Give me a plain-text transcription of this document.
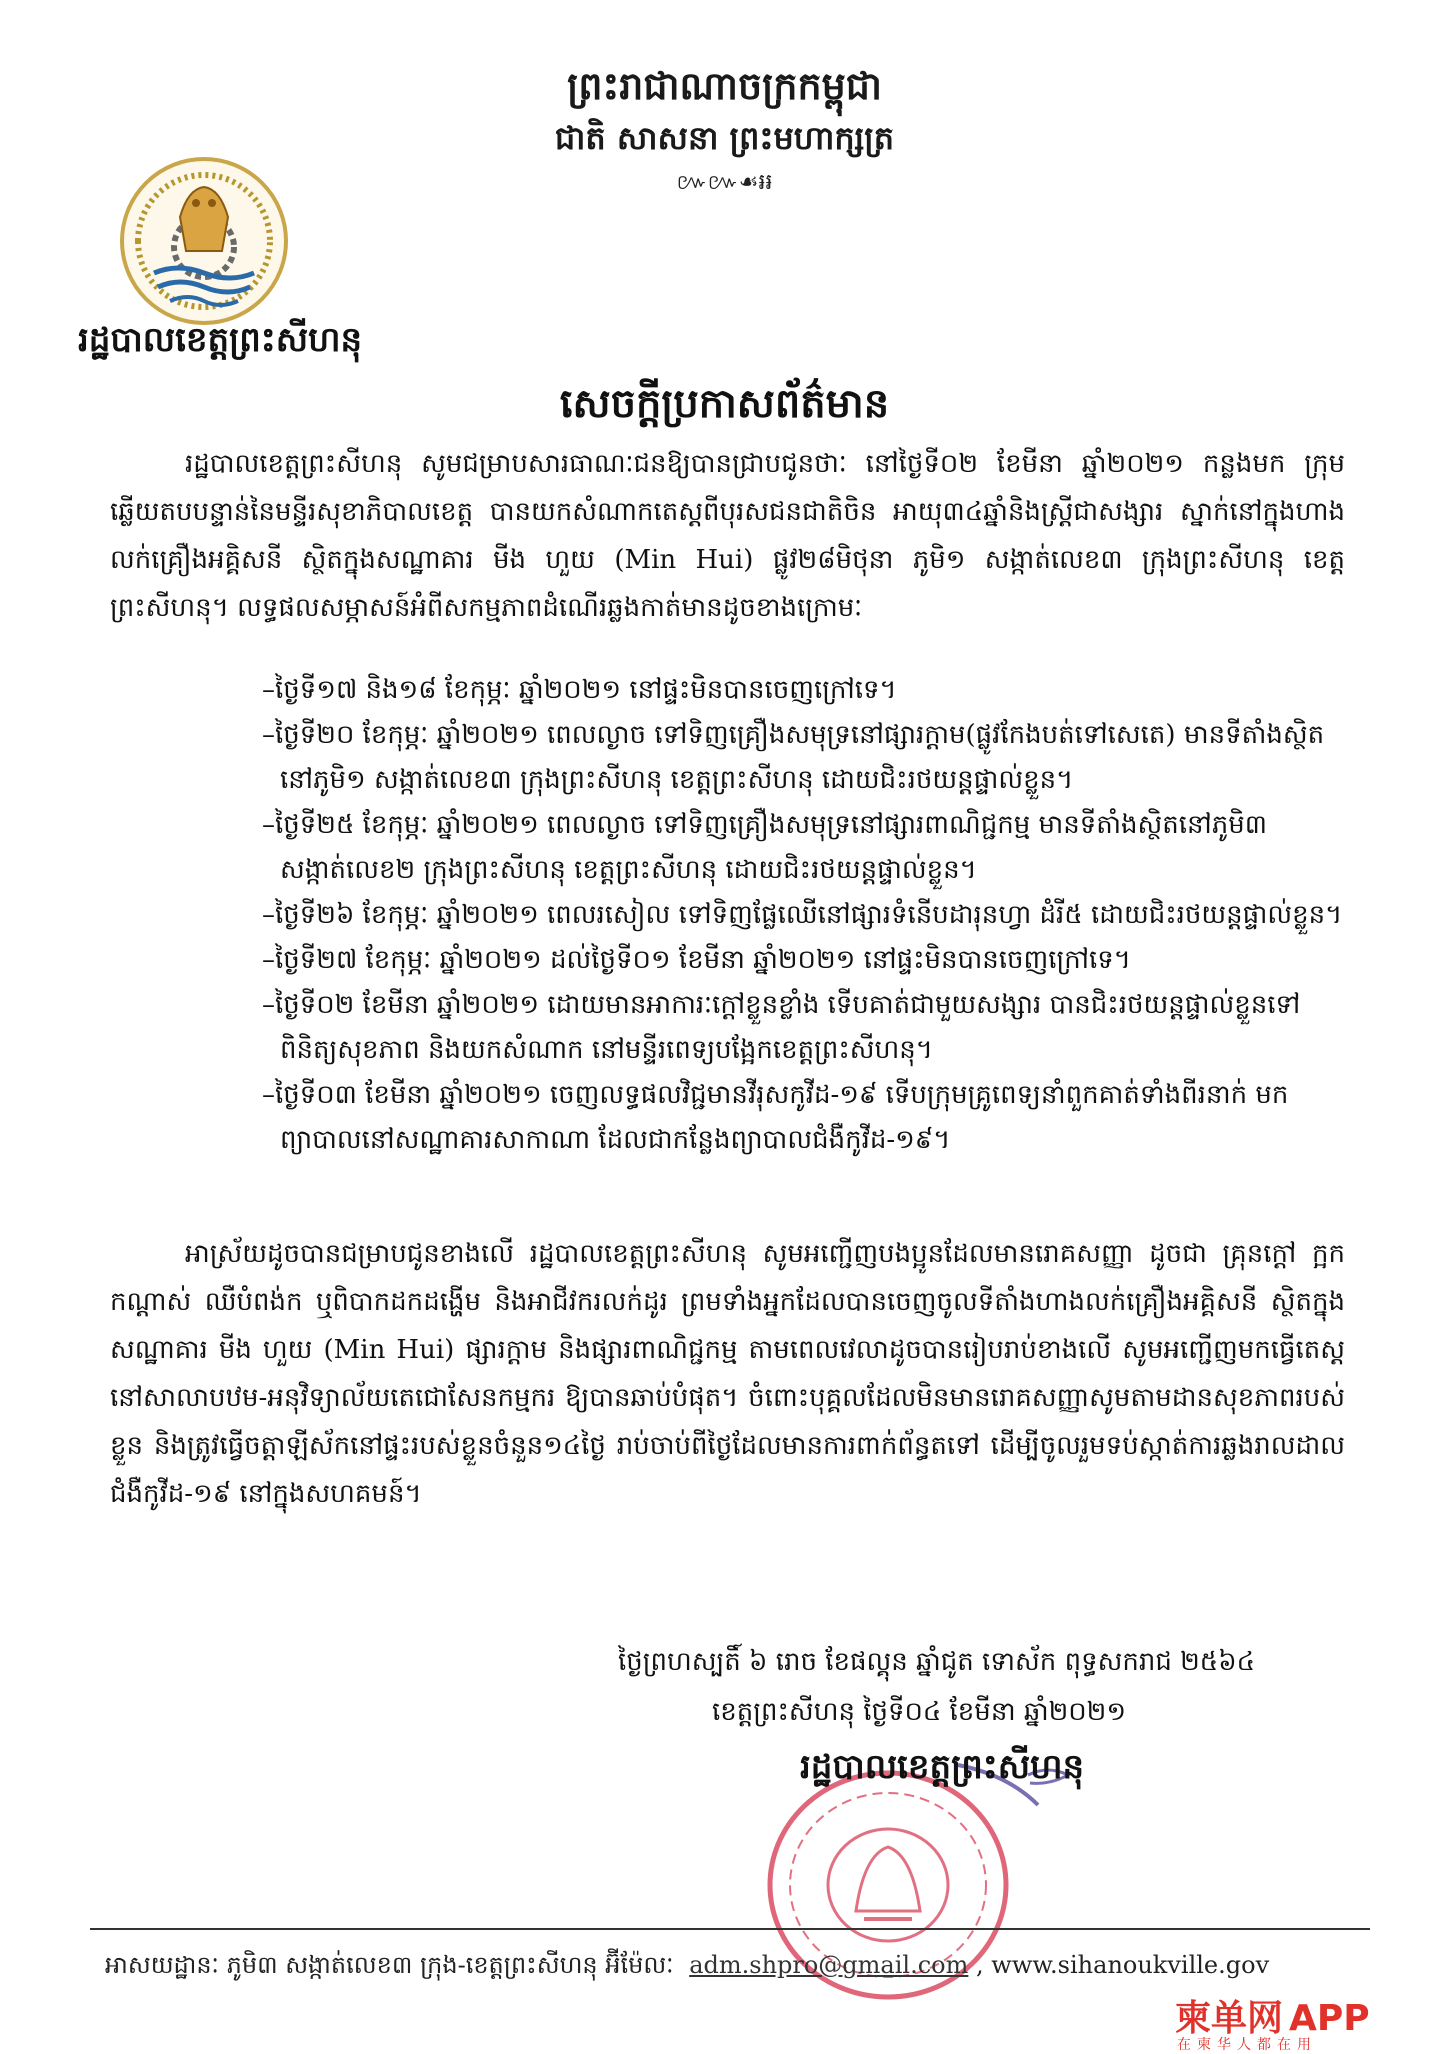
ព្រះរាជាណាចក្រកម្ពុជា
ជាតិ សាសនា ព្រះមហាក្សត្រ
៚៚☙៛៛
រដ្ឋបាលខេត្តព្រះសីហនុ
សេចក្តីប្រកាសព័ត៌មាន

រដ្ឋបាលខេត្តព្រះសីហនុ សូមជម្រាបសារធាណៈជនឱ្យបានជ្រាបជូនថាៈ នៅថ្ងៃទី០២ ខែមីនា ឆ្នាំ២០២១ កន្លងមក ក្រុមឆ្លើយតបបន្ទាន់នៃមន្ទីរសុខាភិបាលខេត្ត បានយកសំណាកតេស្តពីបុរសជនជាតិចិន អាយុ៣៤ឆ្នាំនិងស្ត្រីជាសង្សារ ស្នាក់នៅក្នុងហាងលក់គ្រឿងអគ្គិសនី ស្ថិតក្នុងសណ្ឋាគារ មីង ហួយ (Min Hui) ផ្លូវ២៨មិថុនា ភូមិ១ សង្កាត់លេខ៣ ក្រុងព្រះសីហនុ ខេត្តព្រះសីហនុ។ លទ្ធផលសម្ភាសន៍អំពីសកម្មភាពដំណើរឆ្លងកាត់មានដូចខាងក្រោមៈ

–ថ្ងៃទី១៧ និង១៨ ខែកុម្ភៈ ឆ្នាំ២០២១ នៅផ្ទះមិនបានចេញក្រៅទេ។

–ថ្ងៃទី២០ ខែកុម្ភៈ ឆ្នាំ២០២១ ពេលល្ងាច ទៅទិញគ្រឿងសមុទ្រនៅផ្សារក្តាម(ផ្លូវកែងបត់ទៅសេតេ) មានទីតាំងស្ថិតនៅភូមិ១ សង្កាត់លេខ៣ ក្រុងព្រះសីហនុ ខេត្តព្រះសីហនុ ដោយជិះរថយន្តផ្ទាល់ខ្លួន។

–ថ្ងៃទី២៥ ខែកុម្ភៈ ឆ្នាំ២០២១ ពេលល្ងាច ទៅទិញគ្រឿងសមុទ្រនៅផ្សារពាណិជ្ជកម្ម មានទីតាំងស្ថិតនៅភូមិ៣ សង្កាត់លេខ២ ក្រុងព្រះសីហនុ ខេត្តព្រះសីហនុ ដោយជិះរថយន្តផ្ទាល់ខ្លួន។

–ថ្ងៃទី២៦ ខែកុម្ភៈ ឆ្នាំ២០២១ ពេលរសៀល ទៅទិញផ្លែឈើនៅផ្សារទំនើបដារុនហ្វា ដំរី៥ ដោយជិះរថយន្តផ្ទាល់ខ្លួន។

–ថ្ងៃទី២៧ ខែកុម្ភៈ ឆ្នាំ២០២១ ដល់ថ្ងៃទី០១ ខែមីនា ឆ្នាំ២០២១ នៅផ្ទះមិនបានចេញក្រៅទេ។

–ថ្ងៃទី០២ ខែមីនា ឆ្នាំ២០២១ ដោយមានអាការៈក្តៅខ្លួនខ្លាំង ទើបគាត់ជាមួយសង្សារ បានជិះរថយន្តផ្ទាល់ខ្លួនទៅពិនិត្យសុខភាព និងយកសំណាក នៅមន្ទីរពេទ្យបង្អែកខេត្តព្រះសីហនុ។

–ថ្ងៃទី០៣ ខែមីនា ឆ្នាំ២០២១ ចេញលទ្ធផលវិជ្ជមានវីរុសកូវីដ-១៩ ទើបក្រុមគ្រូពេទ្យនាំពួកគាត់ទាំងពីរនាក់ មកព្យាបាលនៅសណ្ឋាគារសាកាណា ដែលជាកន្លែងព្យាបាលជំងឺកូវីដ-១៩។

អាស្រ័យដូចបានជម្រាបជូនខាងលើ រដ្ឋបាលខេត្តព្រះសីហនុ សូមអញ្ជើញបងប្អូនដែលមានរោគសញ្ញា ដូចជា គ្រុនក្តៅ ក្អក កណ្តាស់ ឈឺបំពង់ក ឬពិបាកដកដង្ហើម និងអាជីវករលក់ដូរ ព្រមទាំងអ្នកដែលបានចេញចូលទីតាំងហាងលក់គ្រឿងអគ្គិសនី ស្ថិតក្នុងសណ្ឋាគារ មីង ហួយ (Min Hui) ផ្សារក្តាម និងផ្សារពាណិជ្ជកម្ម តាមពេលវេលាដូចបានរៀបរាប់ខាងលើ សូមអញ្ជើញមកធ្វើតេស្តនៅសាលាបឋម-អនុវិទ្យាល័យតេជោសែនកម្មករ ឱ្យបានឆាប់បំផុត។ ចំពោះបុគ្គលដែលមិនមានរោគសញ្ញាសូមតាមដានសុខភាពរបស់ខ្លួន និងត្រូវធ្វើចត្តាឡីស័កនៅផ្ទះរបស់ខ្លួនចំនួន១៤ថ្ងៃ រាប់ចាប់ពីថ្ងៃដែលមានការពាក់ព័ន្ធតទៅ ដើម្បីចូលរួមទប់ស្កាត់ការឆ្លងរាលដាលជំងឺកូវីដ-១៩ នៅក្នុងសហគមន៍។

ថ្ងៃព្រហស្បតិ៍ ៦ រោច ខែផល្គុន ឆ្នាំជូត ទោស័ក ពុទ្ធសករាជ ២៥៦៤
ខេត្តព្រះសីហនុ ថ្ងៃទី០៤ ខែមីនា ឆ្នាំ២០២១
រដ្ឋបាលខេត្តព្រះសីហនុ
អាសយដ្ឋានៈ ភូមិ៣ សង្កាត់លេខ៣ ក្រុង-ខេត្តព្រះសីហនុ អ៊ីម៉ែលៈ adm.shpro@gmail.com , www.sihanoukville.gov
柬单网 APP
在柬华人都在用
